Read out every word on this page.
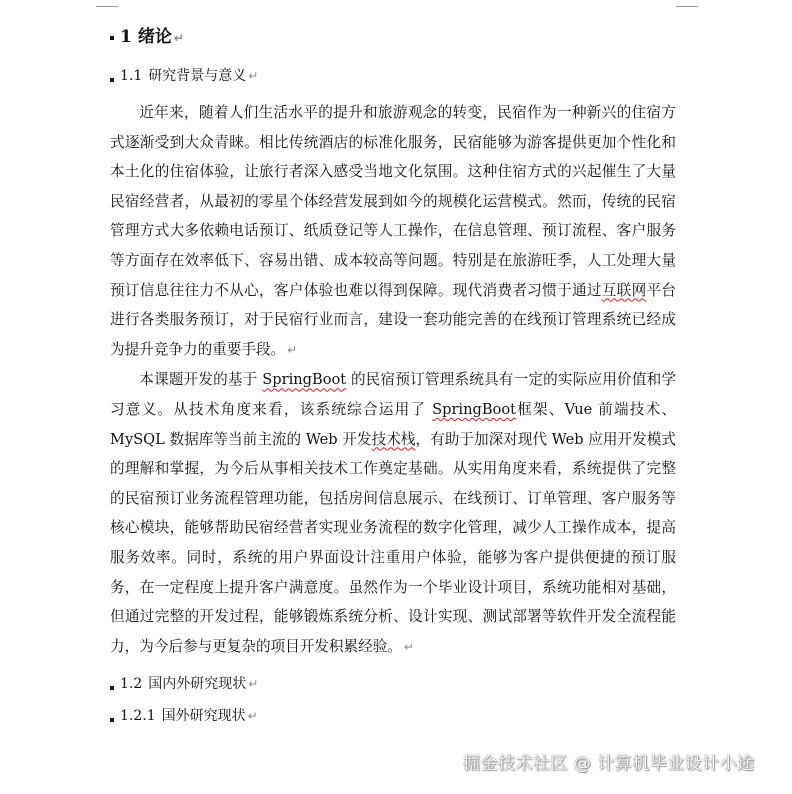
1 绪论 ↵
1.1 研究背景与意义 ↵

近年来，随着人们生活水平的提升和旅游观念的转变，民宿作为一种新兴的住宿方式逐渐受到大众青睐。相比传统酒店的标准化服务，民宿能够为游客提供更加个性化和本土化的住宿体验，让旅行者深入感受当地文化氛围。这种住宿方式的兴起催生了大量民宿经营者，从最初的零星个体经营发展到如今的规模化运营模式。然而，传统的民宿管理方式大多依赖电话预订、纸质登记等人工操作，在信息管理、预订流程、客户服务等方面存在效率低下、容易出错、成本较高等问题。特别是在旅游旺季，人工处理大量预订信息往往力不从心，客户体验也难以得到保障。现代消费者习惯于通过互联网平台进行各类服务预订，对于民宿行业而言，建设一套功能完善的在线预订管理系统已经成为提升竞争力的重要手段。 ↵

本课题开发的基于 SpringBoot 的民宿预订管理系统具有一定的实际应用价值和学习意义。从技术角度来看，该系统综合运用了 SpringBoot框架、Vue 前端技术、MySQL 数据库等当前主流的 Web 开发技术栈，有助于加深对现代 Web 应用开发模式的理解和掌握，为今后从事相关技术工作奠定基础。从实用角度来看，系统提供了完整的民宿预订业务流程管理功能，包括房间信息展示、在线预订、订单管理、客户服务等核心模块，能够帮助民宿经营者实现业务流程的数字化管理，减少人工操作成本，提高服务效率。同时，系统的用户界面设计注重用户体验，能够为客户提供便捷的预订服务，在一定程度上提升客户满意度。虽然作为一个毕业设计项目，系统功能相对基础，但通过完整的开发过程，能够锻炼系统分析、设计实现、测试部署等软件开发全流程能力，为今后参与更复杂的项目开发积累经验。 ↵

1.2 国内外研究现状 ↵
1.2.1 国外研究现状 ↵
掘金技术社区 @ 计算机毕业设计小途
